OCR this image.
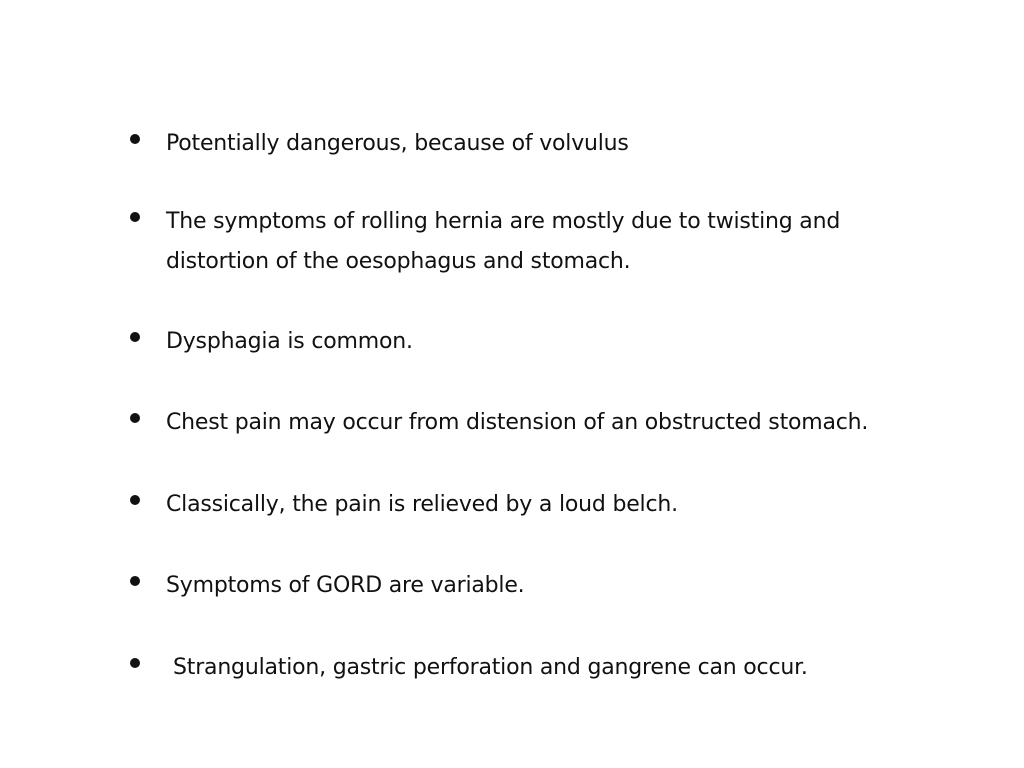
Potentially dangerous, because of volvulus
The symptoms of rolling hernia are mostly due to twisting and distortion of the oesophagus and stomach.
Dysphagia is common.
Chest pain may occur from distension of an obstructed stomach.
Classically, the pain is relieved by a loud belch.
Symptoms of GORD are variable.
Strangulation, gastric perforation and gangrene can occur.
